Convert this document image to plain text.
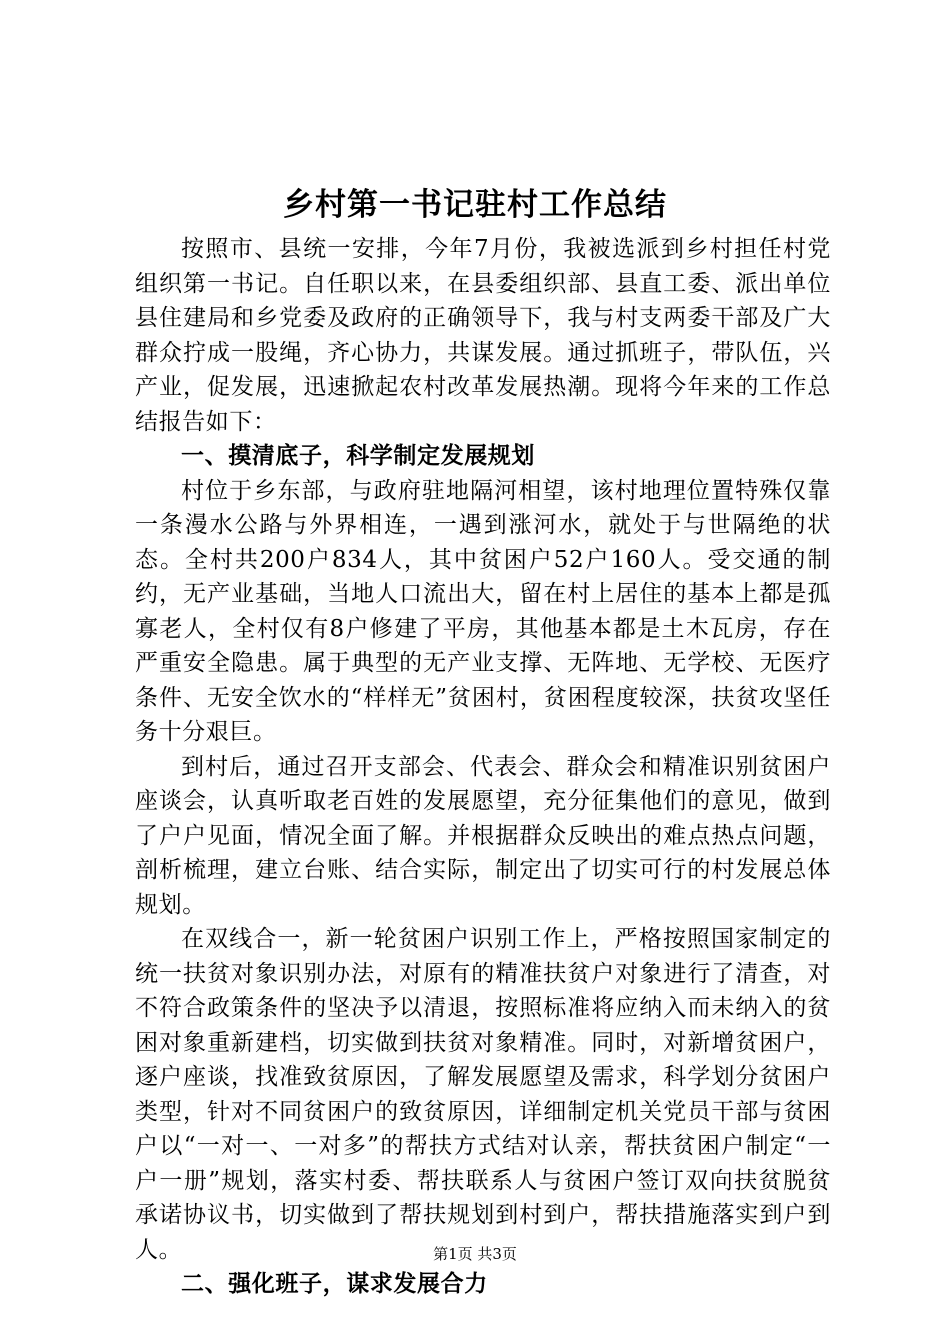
乡村第一书记驻村工作总结

按照市、县统一安排，今年7月份，我被选派到乡村担任村党组织第一书记。自任职以来，在县委组织部、县直工委、派出单位县住建局和乡党委及政府的正确领导下，我与村支两委干部及广大群众拧成一股绳，齐心协力，共谋发展。通过抓班子，带队伍，兴产业，促发展，迅速掀起农村改革发展热潮。现将今年来的工作总结报告如下：

一、摸清底子，科学制定发展规划

村位于乡东部，与政府驻地隔河相望，该村地理位置特殊仅靠一条漫水公路与外界相连，一遇到涨河水，就处于与世隔绝的状态。全村共200户834人，其中贫困户52户160人。受交通的制约，无产业基础，当地人口流出大，留在村上居住的基本上都是孤寡老人，全村仅有8户修建了平房，其他基本都是土木瓦房，存在严重安全隐患。属于典型的无产业支撑、无阵地、无学校、无医疗条件、无安全饮水的“样样无”贫困村，贫困程度较深，扶贫攻坚任务十分艰巨。

到村后，通过召开支部会、代表会、群众会和精准识别贫困户座谈会，认真听取老百姓的发展愿望，充分征集他们的意见，做到了户户见面，情况全面了解。并根据群众反映出的难点热点问题，剖析梳理，建立台账、结合实际，制定出了切实可行的村发展总体规划。

在双线合一，新一轮贫困户识别工作上，严格按照国家制定的统一扶贫对象识别办法，对原有的精准扶贫户对象进行了清查，对不符合政策条件的坚决予以清退，按照标准将应纳入而未纳入的贫困对象重新建档，切实做到扶贫对象精准。同时，对新增贫困户，逐户座谈，找准致贫原因，了解发展愿望及需求，科学划分贫困户类型，针对不同贫困户的致贫原因，详细制定机关党员干部与贫困户以“一对一、一对多”的帮扶方式结对认亲，帮扶贫困户制定“一户一册”规划，落实村委、帮扶联系人与贫困户签订双向扶贫脱贫承诺协议书，切实做到了帮扶规划到村到户，帮扶措施落实到户到人。

二、强化班子，谋求发展合力

第1页 共3页
